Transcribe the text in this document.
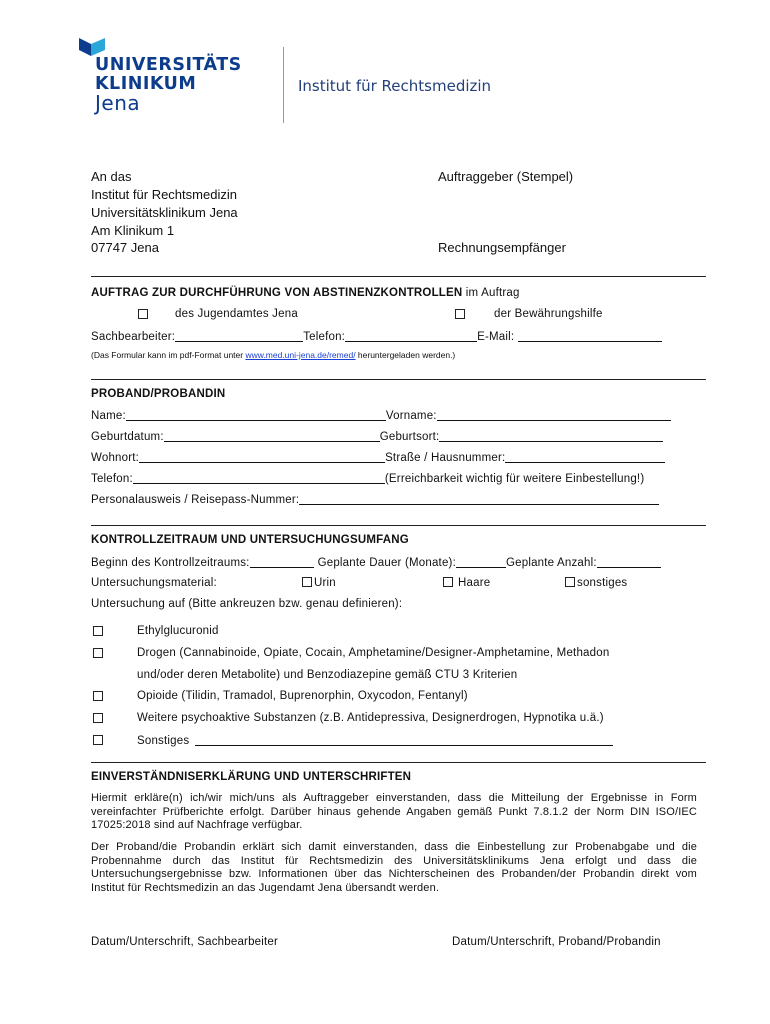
UNIVERSITÄTS
KLINIKUM
Jena
Institut für Rechtsmedizin
An das
Institut für Rechtsmedizin
Universitätsklinikum Jena
Am Klinikum 1
07747 Jena
Auftraggeber (Stempel)
Rechnungsempfänger
AUFTRAG ZUR DURCHFÜHRUNG VON ABSTINENZKONTROLLEN im Auftrag
des Jugendamtes Jena	der Bewährungshilfe
Sachbearbeiter:	Telefon:	E-Mail:
(Das Formular kann im pdf-Format unter www.med.uni-jena.de/remed/ heruntergeladen werden.)
PROBAND/PROBANDIN
Name:	Vorname:
Geburtdatum:	Geburtsort:
Wohnort:	Straße / Hausnummer:
Telefon:	(Erreichbarkeit wichtig für weitere Einbestellung!)
Personalausweis / Reisepass-Nummer:
KONTROLLZEITRAUM UND UNTERSUCHUNGSUMFANG
Beginn des Kontrollzeitraums:	Geplante Dauer (Monate):	Geplante Anzahl:
Untersuchungsmaterial:	Urin	Haare	sonstiges
Untersuchung auf (Bitte ankreuzen bzw. genau definieren):
Ethylglucuronid
Drogen (Cannabinoide, Opiate, Cocain, Amphetamine/Designer-Amphetamine, Methadon
und/oder deren Metabolite) und Benzodiazepine gemäß CTU 3 Kriterien
Opioide (Tilidin, Tramadol, Buprenorphin, Oxycodon, Fentanyl)
Weitere psychoaktive Substanzen (z.B. Antidepressiva, Designerdrogen, Hypnotika u.ä.)
Sonstiges
EINVERSTÄNDNISERKLÄRUNG UND UNTERSCHRIFTEN
Hiermit erkläre(n) ich/wir mich/uns als Auftraggeber einverstanden, dass die Mitteilung der Ergebnisse in Form vereinfachter Prüfberichte erfolgt. Darüber hinaus gehende Angaben gemäß Punkt 7.8.1.2 der Norm DIN ISO/IEC 17025:2018 sind auf Nachfrage verfügbar.
Der Proband/die Probandin erklärt sich damit einverstanden, dass die Einbestellung zur Probenabgabe und die Probennahme durch das Institut für Rechtsmedizin des Universitätsklinikums Jena erfolgt und dass die Untersuchungsergebnisse bzw. Informationen über das Nichterscheinen des Probanden/der Probandin direkt vom Institut für Rechtsmedizin an das Jugendamt Jena übersandt werden.
Datum/Unterschrift, Sachbearbeiter	Datum/Unterschrift, Proband/Probandin
